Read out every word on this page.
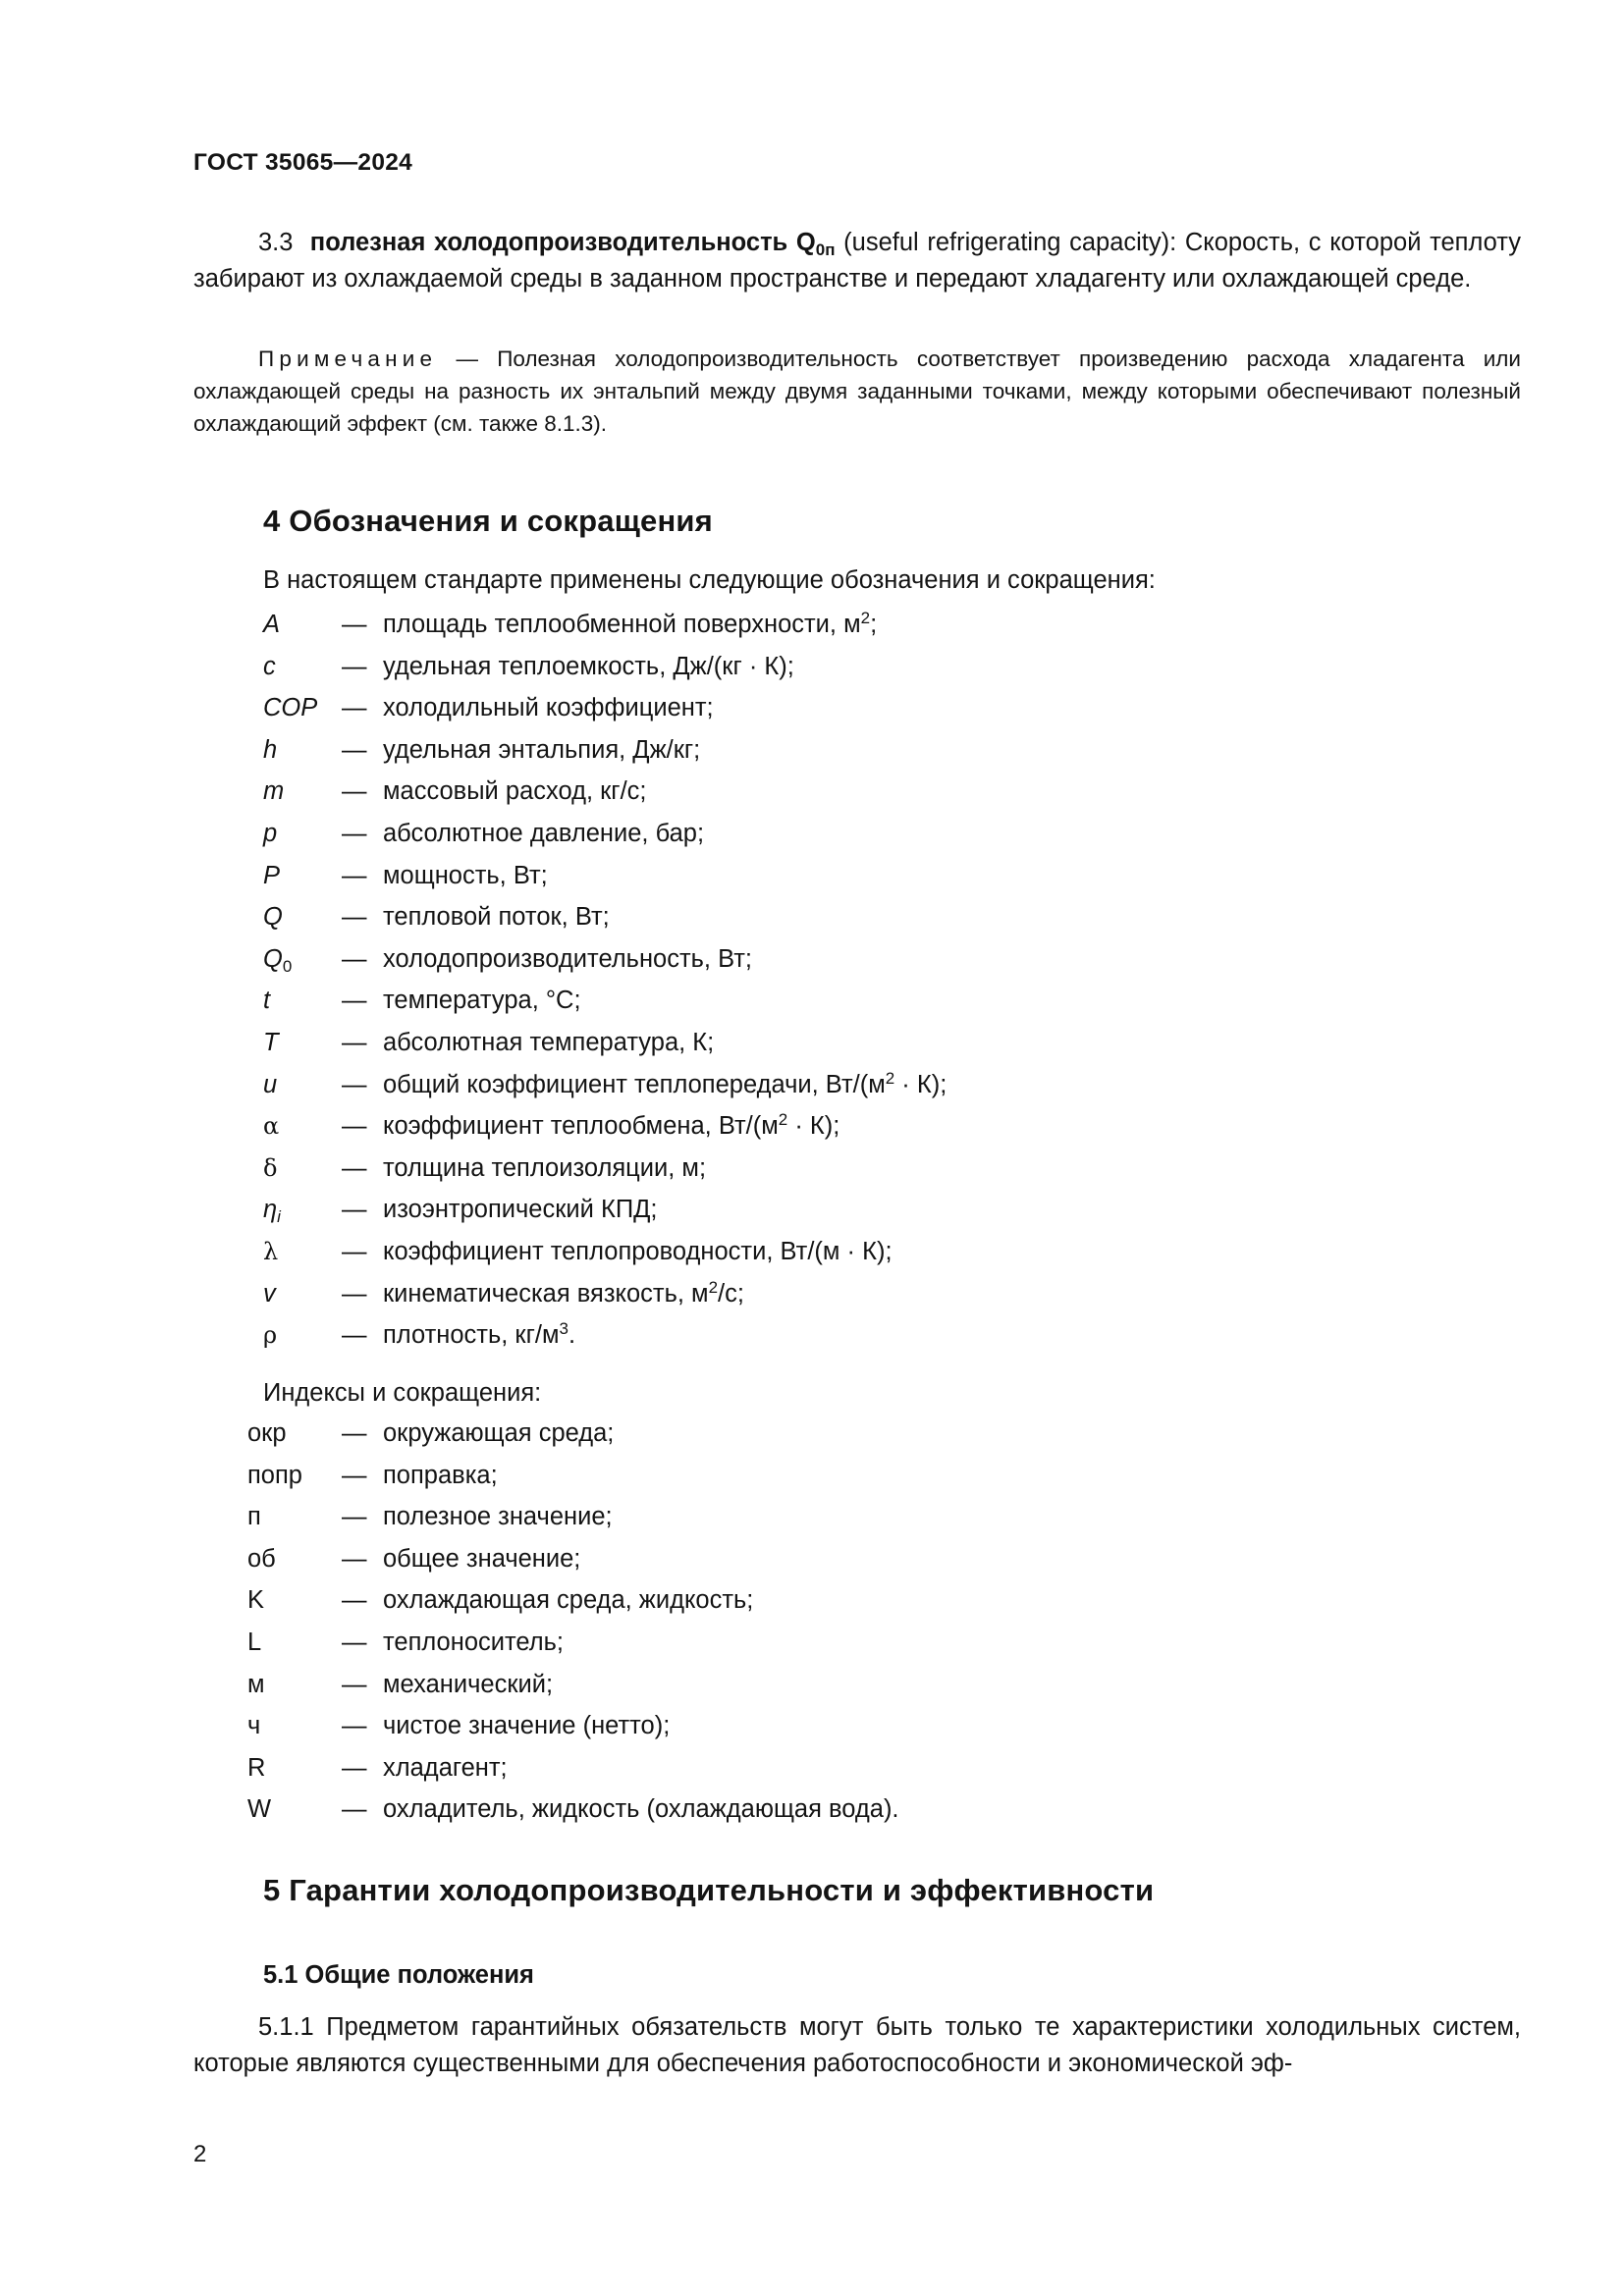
ГОСТ 35065—2024
3.3 полезная холодопроизводительность $Q_{0п}$ (useful refrigerating capacity): Скорость, с которой теплоту забирают из охлаждаемой среды в заданном пространстве и передают хладагенту или охлаждающей среде.
Примечание — Полезная холодопроизводительность соответствует произведению расхода хладагента или охлаждающей среды на разность их энтальпий между двумя заданными точками, между которыми обеспечивают полезный охлаждающий эффект (см. также 8.1.3).
4 Обозначения и сокращения
В настоящем стандарте применены следующие обозначения и сокращения:
A — площадь теплообменной поверхности, $м^2$;
c	— удельная теплоемкость, Дж/(кг · К);
COP — холодильный коэффициент;
h	— удельная энтальпия, Дж/кг;
m — массовый расход, кг/с;
p	— абсолютное давление, бар;
P — мощность, Вт;
Q — тепловой поток, Вт;
$Q_0$ — холодопроизводительность, Вт;
t	— температура, °С;
T	— абсолютная температура, К;
u	— общий коэффициент теплопередачи, $Вт/(м^2 \cdot К)$;
α	— коэффициент теплообмена, $Вт/(м^2 \cdot К)$;
δ	— толщина теплоизоляции, м;
$\eta_i$ — изоэнтропический КПД;
λ	— коэффициент теплопроводности, Вт/(м · К);
v	— кинематическая вязкость, $м^2/с$;
ρ	— плотность, $кг/м^3$.
Индексы и сокращения:
окр — окружающая среда;
попр — поправка;
п	— полезное значение;
об	— общее значение;
K	— охлаждающая среда, жидкость;
L	— теплоноситель;
м	— механический;
ч	— чистое значение (нетто);
R	— хладагент;
W	— охладитель, жидкость (охлаждающая вода).
5 Гарантии холодопроизводительности и эффективности
5.1 Общие положения
5.1.1 Предметом гарантийных обязательств могут быть только те характеристики холодильных систем, которые являются существенными для обеспечения работоспособности и экономической эф-
2
